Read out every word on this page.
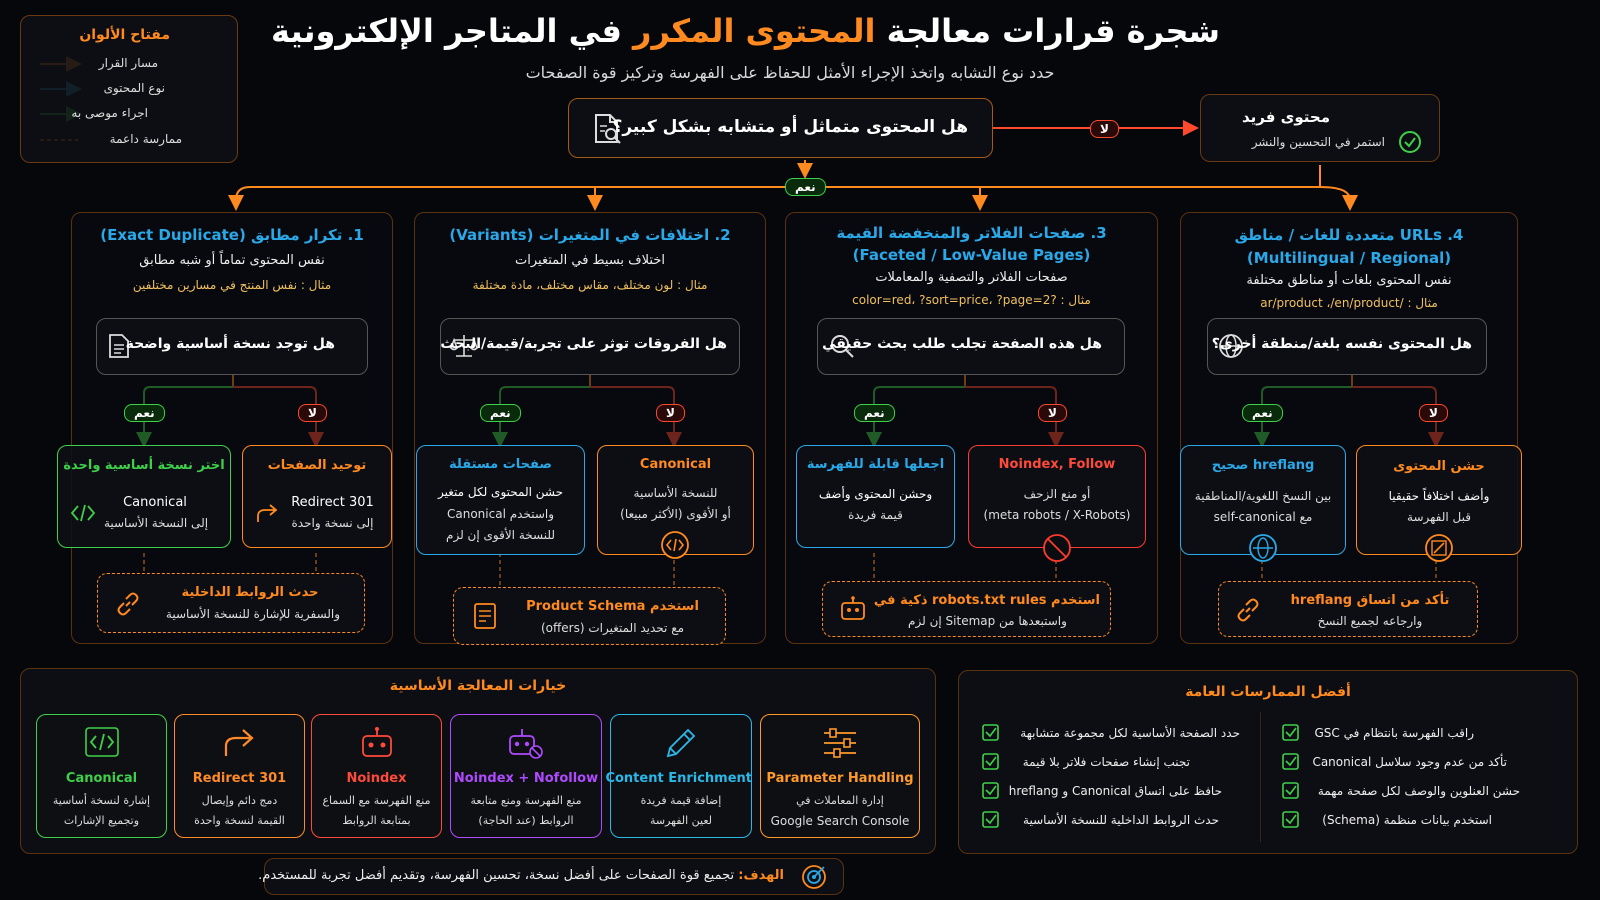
شجرة قرارات معالجة المحتوى المكرر في المتاجر الإلكترونية
حدد نوع التشابه واتخذ الإجراء الأمثل للحفاظ على الفهرسة وتركيز قوة الصفحات
مفتاح الألوان
مسار القرار
نوع المحتوى
اجراء موصى به
ممارسة داعمة
هل المحتوى متماثل أو متشابه بشكل كبير؟	لا
نعم
محتوى فريد
استمر في التحسين والنشر
1. تكرار مطابق (Exact Duplicate)
نفس المحتوى تماماً أو شبه مطابق
مثال : نفس المنتج في مسارين مختلفين
هل توجد نسخة أساسية واضحة
نعم	لا
اختر نسخة أساسية واحدة
Canonical
إلى النسخة الأساسية
توحيد الصفحات
301 Redirect
إلى نسخة واحدة
حدث الروابط الداخلية
والسفرية للإشارة للنسخة الأساسية
2. اختلافات في المتغيرات (Variants)
اختلاف بسيط في المتغيرات
مثال : لون مختلف، مقاس مختلف، مادة مختلفة
هل الفروقات توثر على تجربة/قيمة/البحث
نعم	لا
صفحات مستقلة
حشن المحتوى لكل متغير
واستخدم Canonical
للنسخة الأقوى إن لزم
Canonical
للنسخة الأساسية
أو الأقوى (الأكثر مبيعا)
استخدم Product Schema
مع تحديد المتغيرات (offers)
3. صفحات الفلاتر والمنخفضة القيمة
(Faceted / Low-Value Pages)
صفحات الفلاتر والتصفية والمعاملات
مثال : ?color=red، ?sort=price، ?page=2
هل هذه الصفحة تجلب طلب بحث حقيقي
نعم	لا
اجعلها قابلة للفهرسة
وحشن المحتوى وأضف
قيمة فريدة
Noindex, Follow
أو منع الزحف
(meta robots / X-Robots)
استخدم robots.txt rules ذكية في
واستبعدها من Sitemap إن لزم
4. URLs متعددة للغات / مناطق
(Multilingual / Regional)
نفس المحتوى بلغات أو مناطق مختلفة
مثال : /ar/product ،/en/product
هل المحتوى نفسه بلغة/منطقة أخرى؟
نعم	لا
hreflang صحيح
بين النسخ اللغوية/المناطقية
مع self-canonical
حشن المحتوى
وأضف اختلافاً حقيقيا
قبل الفهرسة
تأكد من اتساق hreflang
وارجاعه لجميع النسخ
خيارات المعالجة الأساسية
Canonical
إشارة لنسخة أساسية
وتجميع الإشارات
301 Redirect
دمج دائم وإيصال
القيمة لنسخة واحدة
Noindex
منع الفهرسة مع السماع
بمتابعة الروابط
Noindex + Nofollow
منع الفهرسة ومنع متابعة
الروابط (عند الحاجة)
Content Enrichment
إضافة قيمة فريدة
لعين الفهرسة
Parameter Handling
إدارة المعاملات في
Google Search Console
أفضل الممارسات العامة
حدد الصفحة الأساسية لكل مجموعة متشابهة
تجنب إنشاء صفحات فلاتر بلا قيمة
حافظ على اتساق Canonical و hreflang
حدث الروابط الداخلية للنسخة الأساسية
راقب الفهرسة بانتظام في GSC
تأكد من عدم وجود سلاسل Canonical
حشن العنلوين والوصف لكل صفحة مهمة
استخدم بيانات منظمة (Schema)
الهدف: تجميع قوة الصفحات على أفضل نسخة، تحسين الفهرسة، وتقديم أفضل تجربة للمستخدم.
